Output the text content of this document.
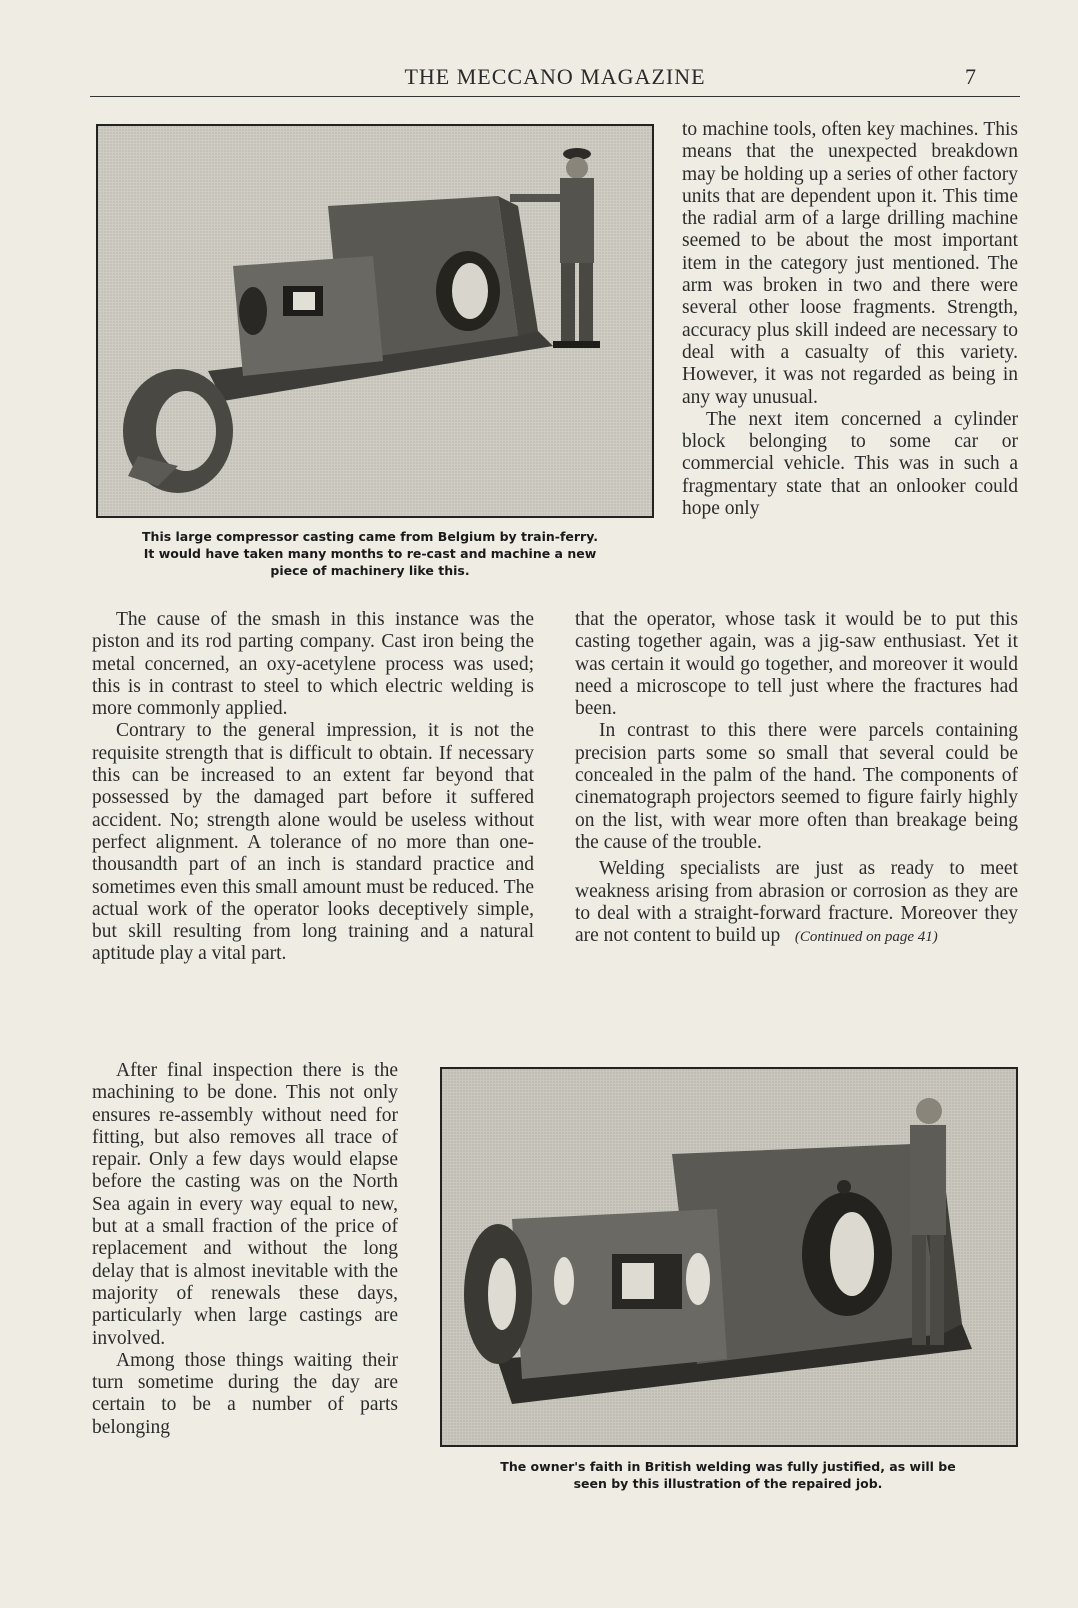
THE MECCANO MAGAZINE	7
This large compressor casting came from Belgium by train-ferry.
It would have taken many months to re-cast and machine a new
piece of machinery like this.

to machine tools, often key machines. This means that the unexpected breakdown may be holding up a series of other factory units that are dependent upon it. This time the radial arm of a large drilling machine seemed to be about the most important item in the category just mentioned. The arm was broken in two and there were several other loose fragments. Strength, accuracy plus skill indeed are necessary to deal with a casualty of this variety. However, it was not regarded as being in any way unusual.

The next item concerned a cylinder block belonging to some car or commercial vehicle. This was in such a fragmentary state that an onlooker could hope only

The cause of the smash in this instance was the piston and its rod parting company. Cast iron being the metal concerned, an oxy-acetylene process was used; this is in contrast to steel to which electric welding is more commonly applied.

Contrary to the general impression, it is not the requisite strength that is difficult to obtain. If necessary this can be increased to an extent far beyond that possessed by the damaged part before it suffered accident. No; strength alone would be useless without perfect alignment. A tolerance of no more than one-thousandth part of an inch is standard practice and sometimes even this small amount must be reduced. The actual work of the operator looks deceptively simple, but skill resulting from long training and a natural aptitude play a vital part.

that the operator, whose task it would be to put this casting together again, was a jig-saw enthusiast. Yet it was certain it would go together, and moreover it would need a microscope to tell just where the fractures had been.

In contrast to this there were parcels containing precision parts some so small that several could be concealed in the palm of the hand. The components of cinematograph projectors seemed to figure fairly highly on the list, with wear more often than breakage being the cause of the trouble.

Welding specialists are just as ready to meet weakness arising from abrasion or corrosion as they are to deal with a straight-forward fracture. Moreover they are not content to build up (Continued on page 41)

After final inspection there is the machining to be done. This not only ensures re-assembly without need for fitting, but also removes all trace of repair. Only a few days would elapse before the casting was on the North Sea again in every way equal to new, but at a small fraction of the price of replacement and without the long delay that is almost inevitable with the majority of renewals these days, particularly when large castings are involved.

Among those things waiting their turn sometime during the day are certain to be a number of parts belonging

The owner's faith in British welding was fully justified, as will be
seen by this illustration of the repaired job.
